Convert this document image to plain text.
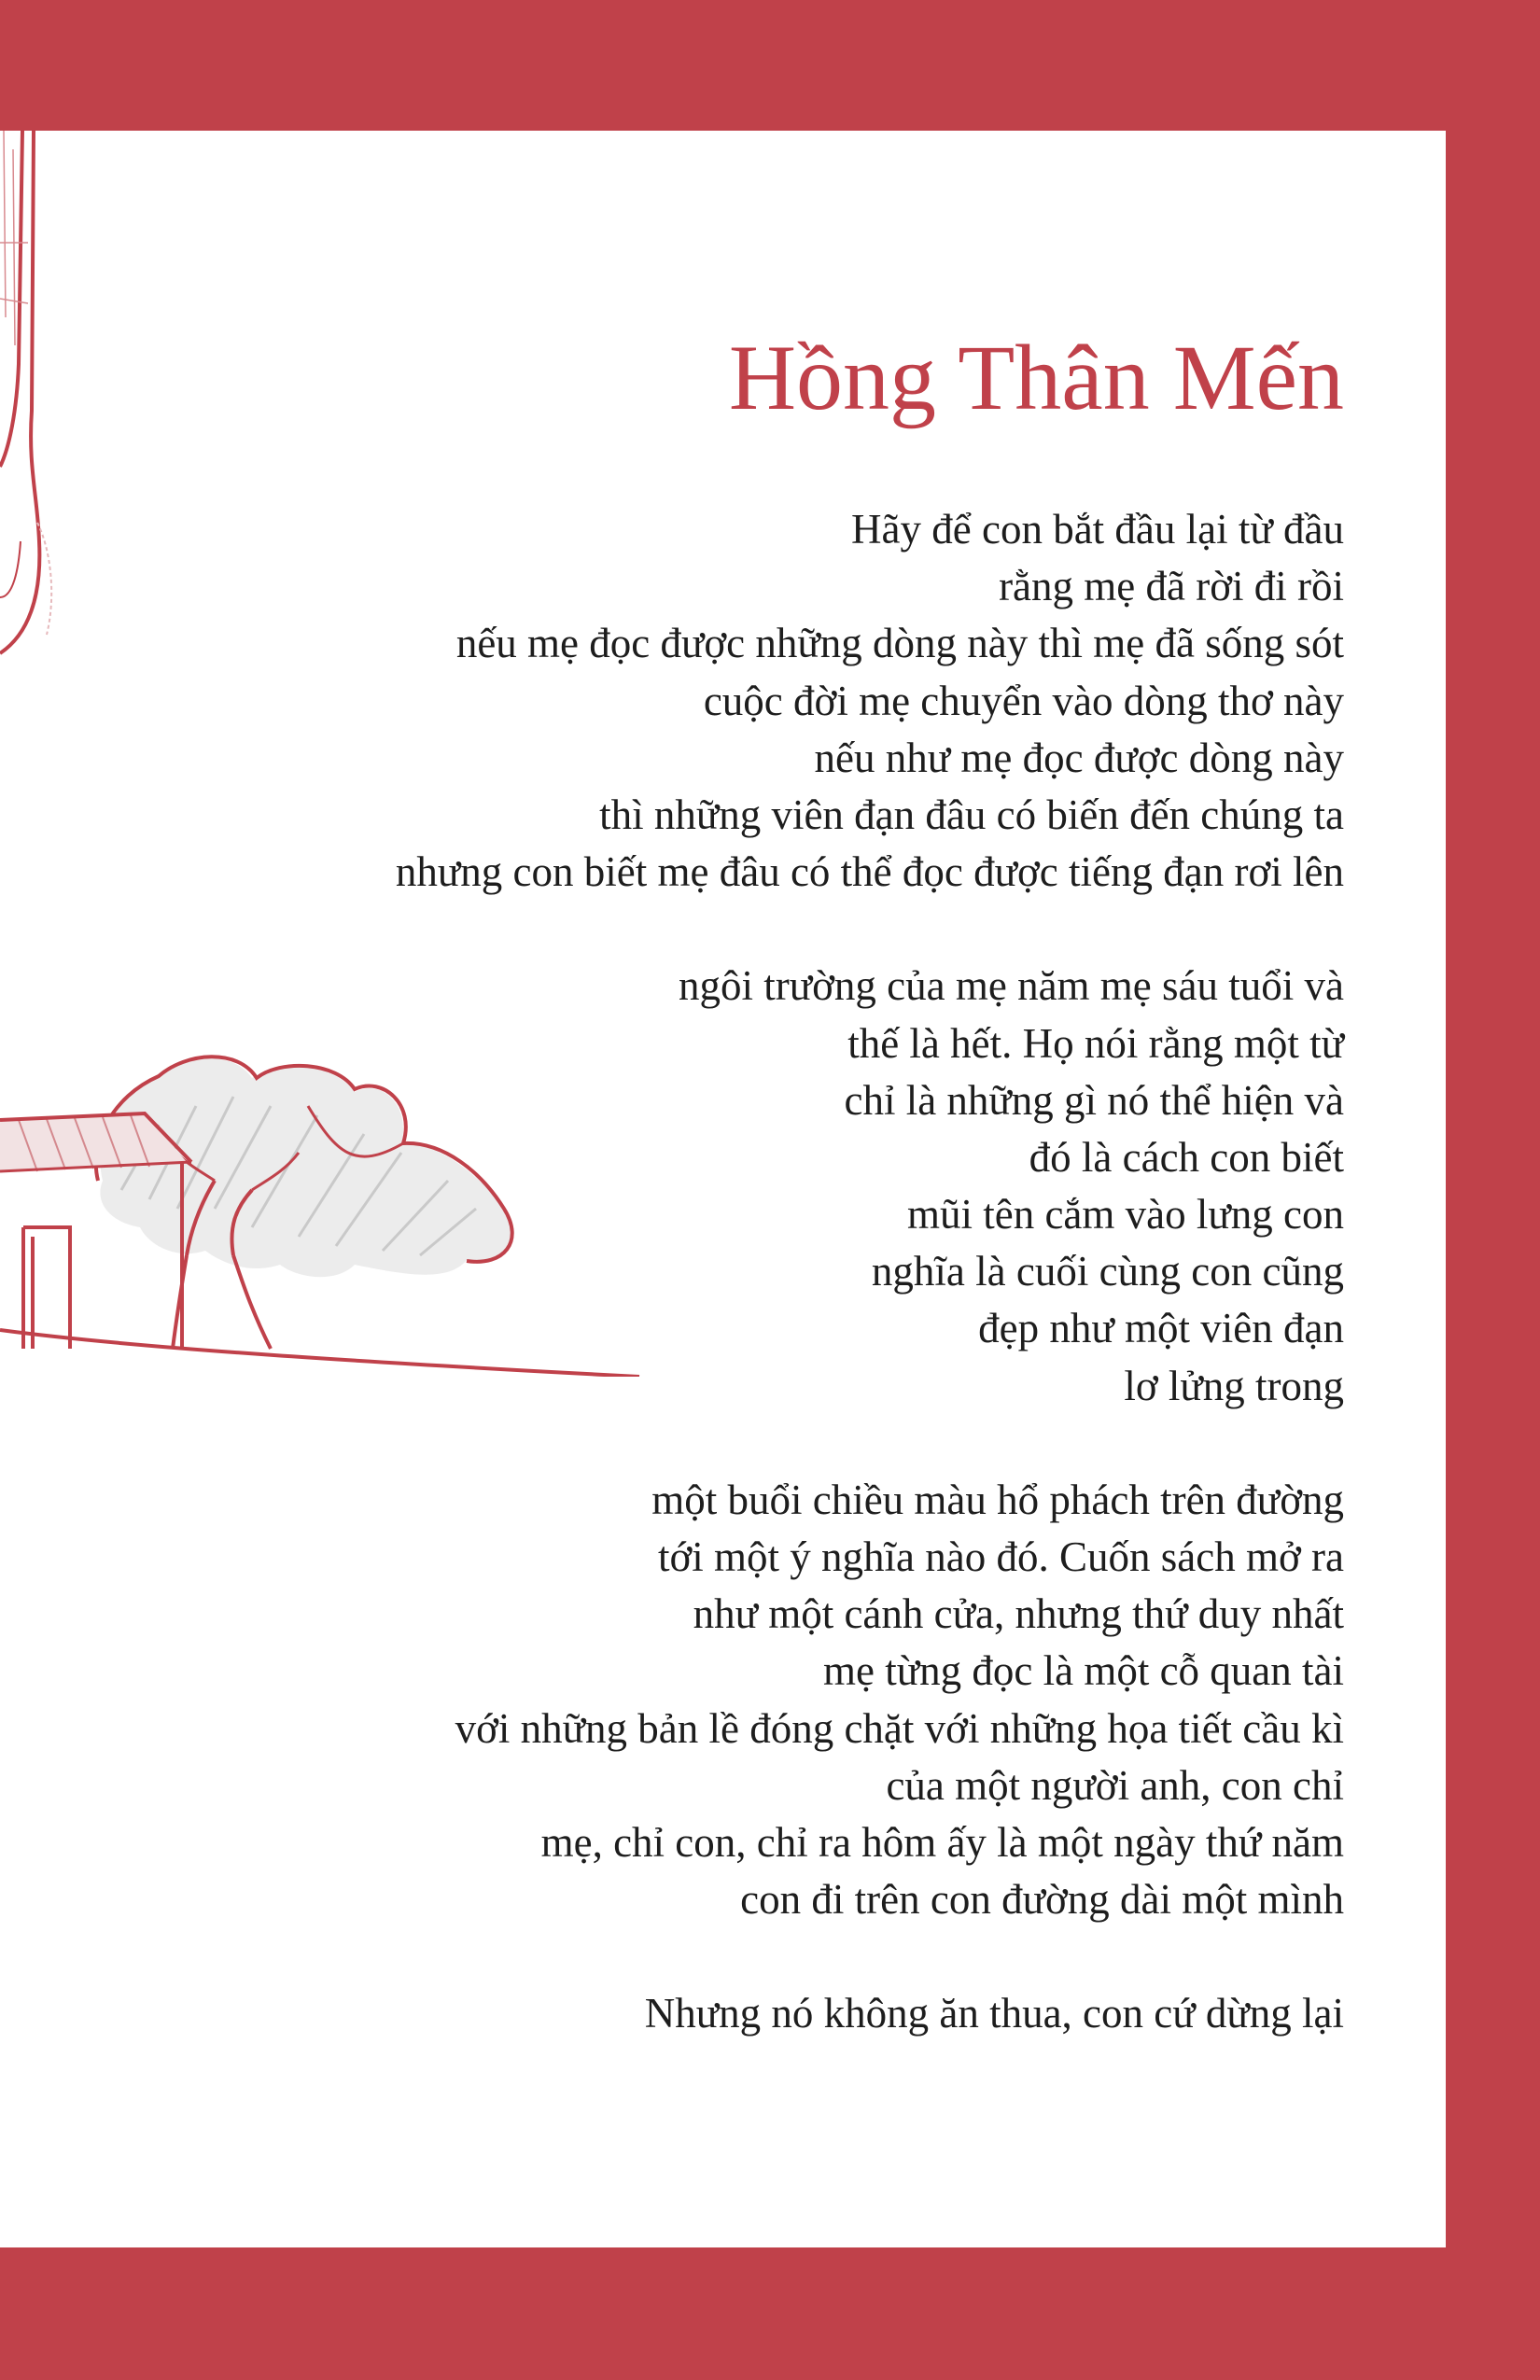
Hồng Thân Mến
Hãy để con bắt đầu lại từ đầu
rằng mẹ đã rời đi rồi
nếu mẹ đọc được những dòng này thì mẹ đã sống sót
cuộc đời mẹ chuyển vào dòng thơ này
nếu như mẹ đọc được dòng này
thì những viên đạn đâu có biến đến chúng ta
nhưng con biết mẹ đâu có thể đọc được tiếng đạn rơi lên
ngôi trường của mẹ năm mẹ sáu tuổi và
thế là hết. Họ nói rằng một từ
chỉ là những gì nó thể hiện và
đó là cách con biết
mũi tên cắm vào lưng con
nghĩa là cuối cùng con cũng
đẹp như một viên đạn
lơ lửng trong
một buổi chiều màu hổ phách trên đường
tới một ý nghĩa nào đó. Cuốn sách mở ra
như một cánh cửa, nhưng thứ duy nhất
mẹ từng đọc là một cỗ quan tài
với những bản lề đóng chặt với những họa tiết cầu kì
của một người anh, con chỉ
mẹ, chỉ con, chỉ ra hôm ấy là một ngày thứ năm
con đi trên con đường dài một mình
Nhưng nó không ăn thua, con cứ dừng lại
